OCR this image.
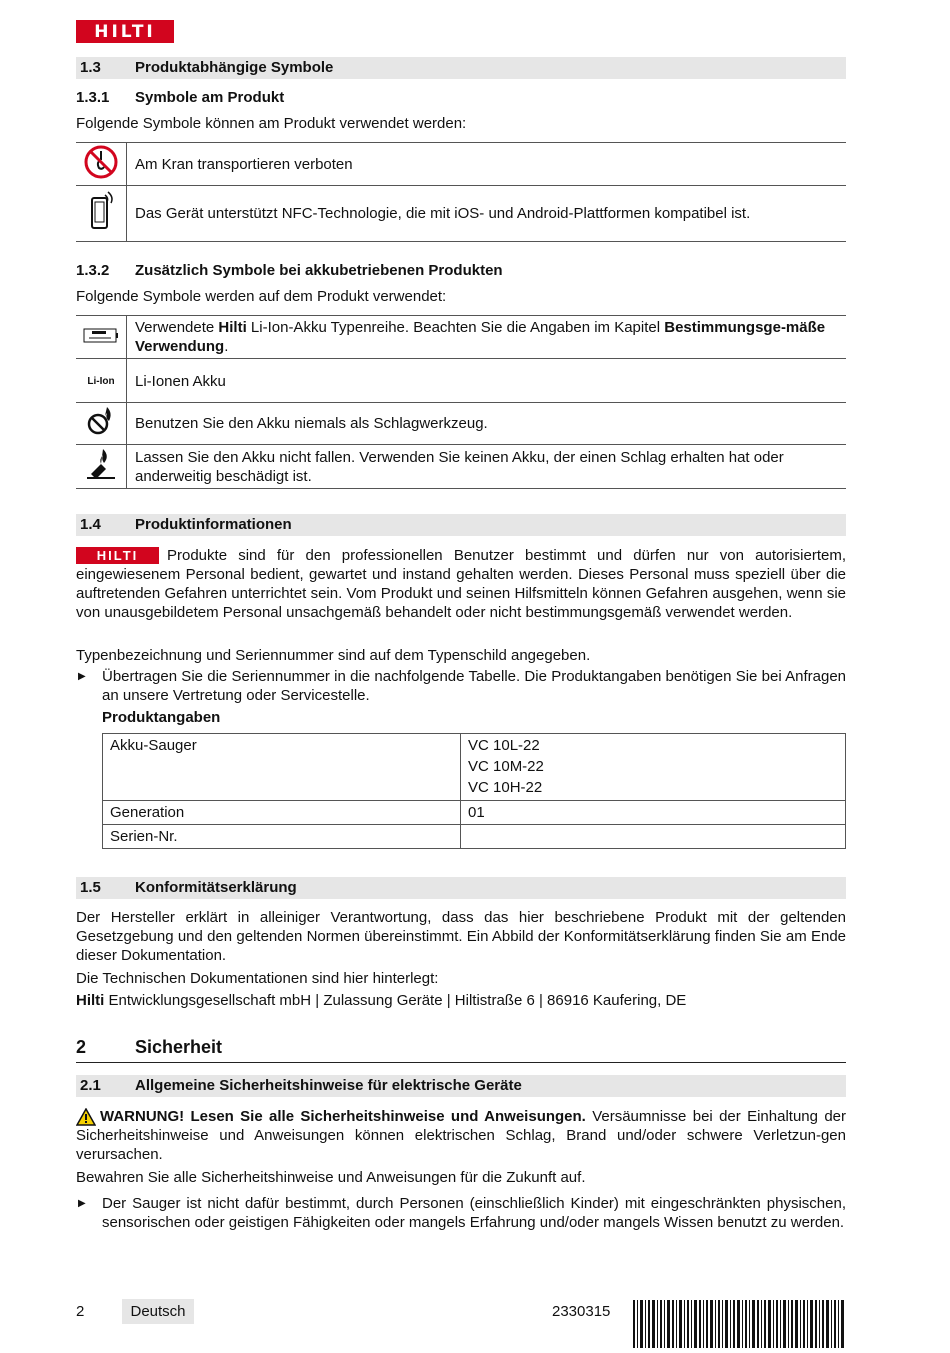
HILTI
1.3 Produktabhängige Symbole
1.3.1 Symbole am Produkt
Folgende Symbole können am Produkt verwendet werden:
	Am Kran transportieren verboten
	Das Gerät unterstützt NFC-Technologie, die mit iOS- und Android-Plattformen kompatibel ist.
1.3.2 Zusätzlich Symbole bei akkubetriebenen Produkten
Folgende Symbole werden auf dem Produkt verwendet:
	Verwendete Hilti Li-Ion-Akku Typenreihe. Beachten Sie die Angaben im Kapitel Bestimmungsge-mäße Verwendung.
Li-Ion	Li-Ionen Akku
	Benutzen Sie den Akku niemals als Schlagwerkzeug.
	Lassen Sie den Akku nicht fallen. Verwenden Sie keinen Akku, der einen Schlag erhalten hat oder anderweitig beschädigt ist.
1.4 Produktinformationen
Produkte sind für den professionellen Benutzer bestimmt und dürfen nur von autorisiertem, eingewiesenem Personal bedient, gewartet und instand gehalten werden. Dieses Personal muss speziell über die auftretenden Gefahren unterrichtet sein. Vom Produkt und seinen Hilfsmitteln können Gefahren ausgehen, wenn sie von unausgebildetem Personal unsachgemäß behandelt oder nicht bestimmungsgemäß verwendet werden.
HILTI
Typenbezeichnung und Seriennummer sind auf dem Typenschild angegeben.
▶ Übertragen Sie die Seriennummer in die nachfolgende Tabelle. Die Produktangaben benötigen Sie bei Anfragen an unsere Vertretung oder Servicestelle.
Produktangaben
Akku-Sauger	VC 10L-22
VC 10M-22
VC 10H-22

Generation	01
Serien-Nr.	
1.5 Konformitätserklärung
Der Hersteller erklärt in alleiniger Verantwortung, dass das hier beschriebene Produkt mit der geltenden Gesetzgebung und den geltenden Normen übereinstimmt. Ein Abbild der Konformitätserklärung finden Sie am Ende dieser Dokumentation.
Die Technischen Dokumentationen sind hier hinterlegt:
Hilti Entwicklungsgesellschaft mbH | Zulassung Geräte | Hiltistraße 6 | 86916 Kaufering, DE
2	Sicherheit
2.1 Allgemeine Sicherheitshinweise für elektrische Geräte
WARNUNG! Lesen Sie alle Sicherheitshinweise und Anweisungen. Versäumnisse bei der Einhaltung der Sicherheitshinweise und Anweisungen können elektrischen Schlag, Brand und/oder schwere Verletzun-gen verursachen.
Bewahren Sie alle Sicherheitshinweise und Anweisungen für die Zukunft auf.
▶ Der Sauger ist nicht dafür bestimmt, durch Personen (einschließlich Kinder) mit eingeschränkten physischen, sensorischen oder geistigen Fähigkeiten oder mangels Erfahrung und/oder mangels Wissen benutzt zu werden.
2	Deutsch	2330315
